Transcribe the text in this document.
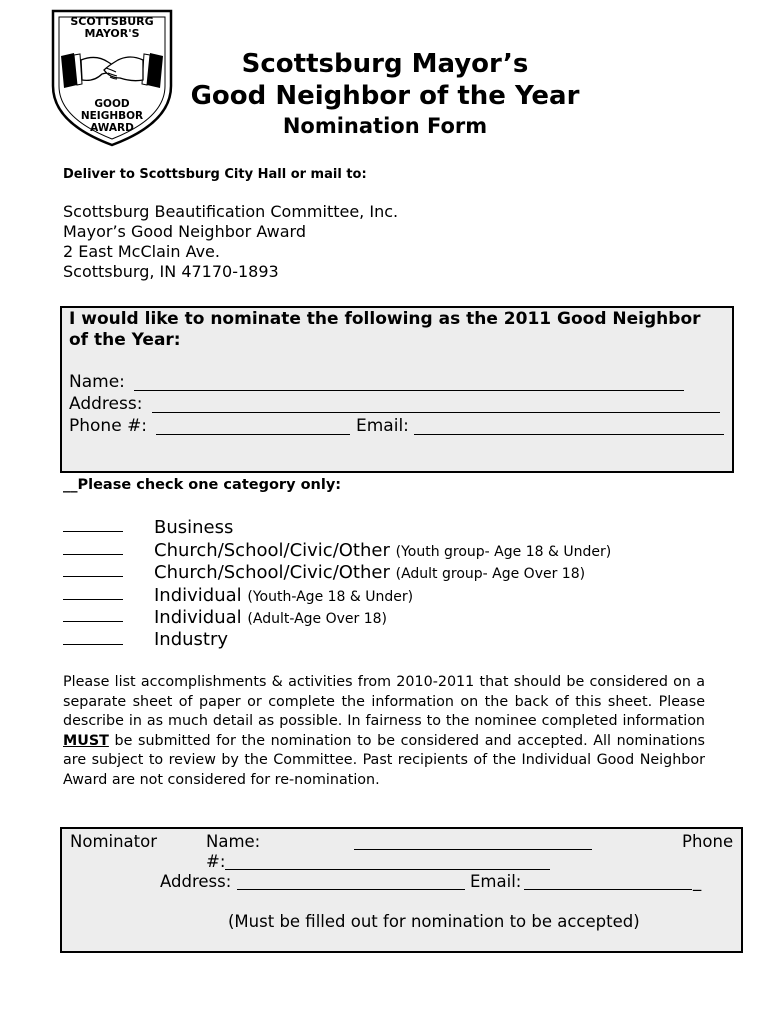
SCOTTSBURG
MAYOR'S
GOOD
NEIGHBOR
AWARD
Scottsburg Mayor’s
Good Neighbor of the Year
Nomination Form
Deliver to Scottsburg City Hall or mail to:
Scottsburg Beautification Committee, Inc.
Mayor’s Good Neighbor Award
2 East McClain Ave.
Scottsburg, IN 47170-1893
I would like to nominate the following as the 2011 Good Neighbor
of the Year:
Name:
Address:
Phone #:	Email:
__Please check one category only:
Business
Church/School/Civic/Other (Youth group- Age 18 & Under)
Church/School/Civic/Other (Adult group- Age Over 18)
Individual (Youth-Age 18 & Under)
Individual (Adult-Age Over 18)
Industry
Please list accomplishments & activities from 2010-2011 that should be considered on a separate sheet of paper or complete the information on the back of this sheet. Please describe in as much detail as possible. In fairness to the nominee completed information MUST be submitted for the nomination to be considered and accepted. All nominations are subject to review by the Committee. Past recipients of the Individual Good Neighbor Award are not considered for re-nomination.
Nominator	Name:	Phone
#:
Address:	Email:	_
(Must be filled out for nomination to be accepted)
